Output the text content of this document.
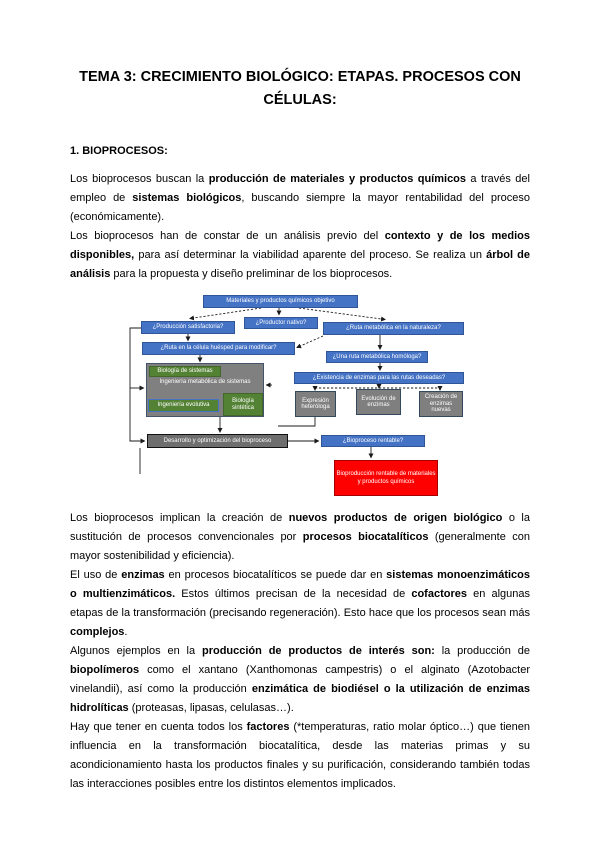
TEMA 3: CRECIMIENTO BIOLÓGICO: ETAPAS. PROCESOS CON CÉLULAS:
1. BIOPROCESOS:

Los bioprocesos buscan la producción de materiales y productos químicos a través del empleo de sistemas biológicos, buscando siempre la mayor rentabilidad del proceso (económicamente).

Los bioprocesos han de constar de un análisis previo del contexto y de los medios disponibles, para así determinar la viabilidad aparente del proceso. Se realiza un árbol de análisis para la propuesta y diseño preliminar de los bioprocesos.

Materiales y productos químicos objetivo
¿Producción satisfactoria?
¿Productor nativo?
¿Ruta metabólica en la naturaleza?
¿Ruta en la célula huésped para modificar?
¿Una ruta metabólica homóloga?
¿Existencia de enzimas para las rutas deseadas?
Biología de sistemas
Ingeniería metabólica de sistemas
Biología sintética
Ingeniería evolutiva
Expresión heteróloga
Evolución de enzimas
Creación de enzimas nuevas
Desarrollo y optimización del bioproceso	¿Bioproceso rentable?
Bioproducción rentable de materiales y productos químicos

Los bioprocesos implican la creación de nuevos productos de origen biológico o la sustitución de procesos convencionales por procesos biocatalíticos (generalmente con mayor sostenibilidad y eficiencia).

El uso de enzimas en procesos biocatalíticos se puede dar en sistemas monoenzimáticos o multienzimáticos. Estos últimos precisan de la necesidad de cofactores en algunas etapas de la transformación (precisando regeneración). Esto hace que los procesos sean más complejos.

Algunos ejemplos en la producción de productos de interés son: la producción de biopolímeros como el xantano (Xanthomonas campestris) o el alginato (Azotobacter vinelandii), así como la producción enzimática de biodiésel o la utilización de enzimas hidrolíticas (proteasas, lipasas, celulasas…).

Hay que tener en cuenta todos los factores (*temperaturas, ratio molar óptico…) que tienen influencia en la transformación biocatalítica, desde las materias primas y su acondicionamiento hasta los productos finales y su purificación, considerando también todas las interacciones posibles entre los distintos elementos implicados.
